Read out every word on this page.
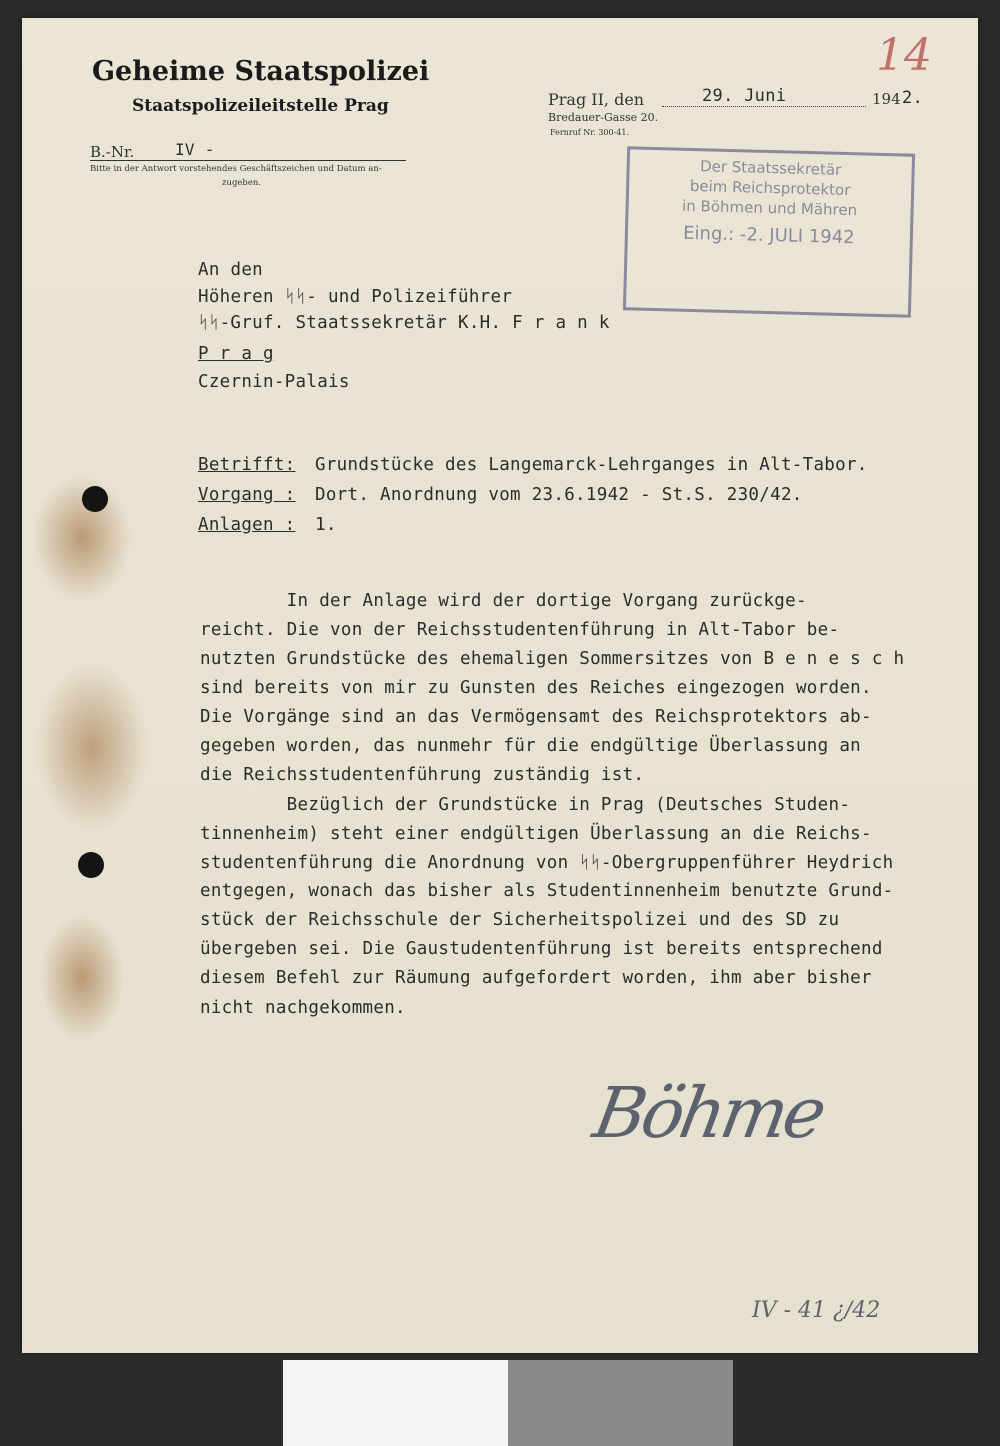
Geheime Staatspolizei
Staatspolizeileitstelle Prag
B.-Nr.	IV -
Bitte in der Antwort vorstehendes Geschäftszeichen und Datum an-
zugeben.
Prag II, den	29. Juni	194 2.
Bredauer-Gasse 20.
Fernruf Nr. 300-41.
14
Der Staatssekretär
beim Reichsprotektor
in Böhmen und Mähren
Eing.: -2. JULI 1942
An den
Höheren ᛋᛋ- und Polizeiführer
ᛋᛋ-Gruf. Staatssekretär K.H. F r a n k
P r a g
Czernin-Palais
Betrifft: Grundstücke des Langemarck-Lehrganges in Alt-Tabor.
Vorgang : Dort. Anordnung vom 23.6.1942 - St.S. 230/42.
Anlagen : 1.
In der Anlage wird der dortige Vorgang zurückge-
reicht. Die von der Reichsstudentenführung in Alt-Tabor be-
nutzten Grundstücke des ehemaligen Sommersitzes von B e n e s c h
sind bereits von mir zu Gunsten des Reiches eingezogen worden.
Die Vorgänge sind an das Vermögensamt des Reichsprotektors ab-
gegeben worden, das nunmehr für die endgültige Überlassung an
die Reichsstudentenführung zuständig ist.
Bezüglich der Grundstücke in Prag (Deutsches Studen-
tinnenheim) steht einer endgültigen Überlassung an die Reichs-
studentenführung die Anordnung von ᛋᛋ-Obergruppenführer Heydrich
entgegen, wonach das bisher als Studentinnenheim benutzte Grund-
stück der Reichsschule der Sicherheitspolizei und des SD zu
übergeben sei. Die Gaustudentenführung ist bereits entsprechend
diesem Befehl zur Räumung aufgefordert worden, ihm aber bisher
nicht nachgekommen.
Böhme
IV - 41 ¿/42
